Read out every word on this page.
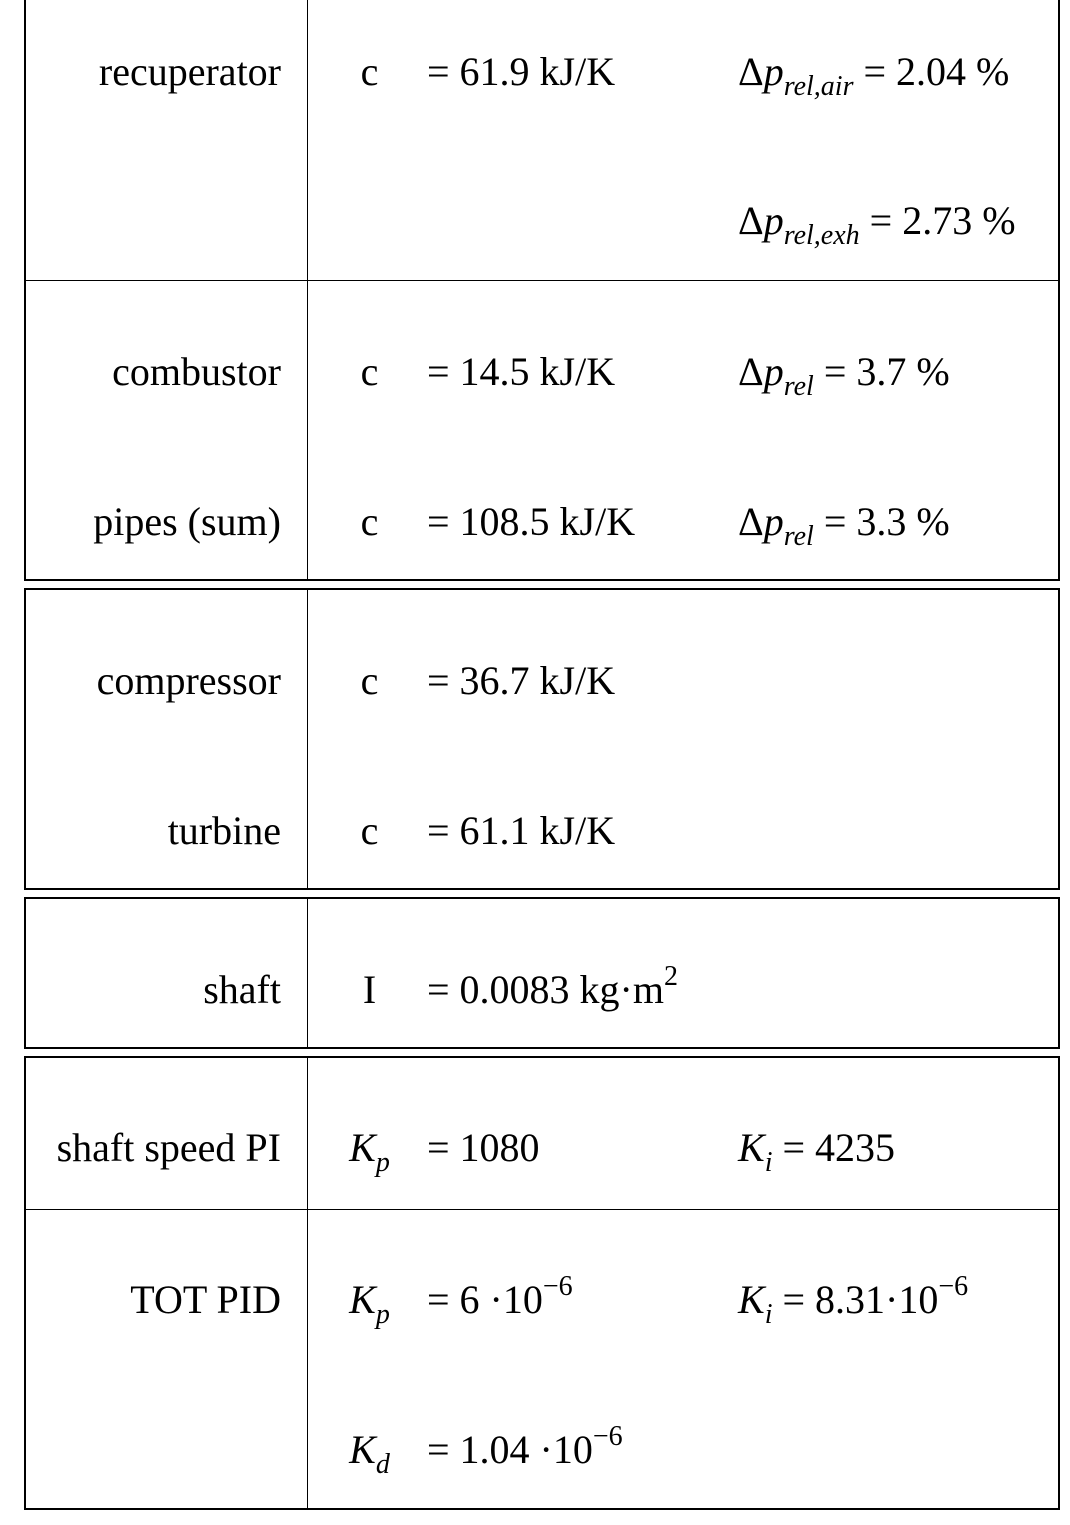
recuperator	c	= 61.9 kJ/K	$\Delta p_{rel,air} = 2.04$ %
$\Delta p_{rel,exh} = 2.73$ %
combustor	c	= 14.5 kJ/K	$\Delta p_{rel} = 3.7$ %
pipes (sum)	c	= 108.5 kJ/K	$\Delta p_{rel} = 3.3$ %
compressor	c	= 36.7 kJ/K
turbine	c	= 61.1 kJ/K
shaft	I	= 0.0083 $kg\cdot m^2$
shaft speed PI	$K_p = 1080$	$K_i = 4235$
TOT PID	$K_p = 6 \cdot 10^{-6}$	$K_i = 8.31\cdot 10^{-6}$
$K_d = 1.04 \cdot 10^{-6}$
